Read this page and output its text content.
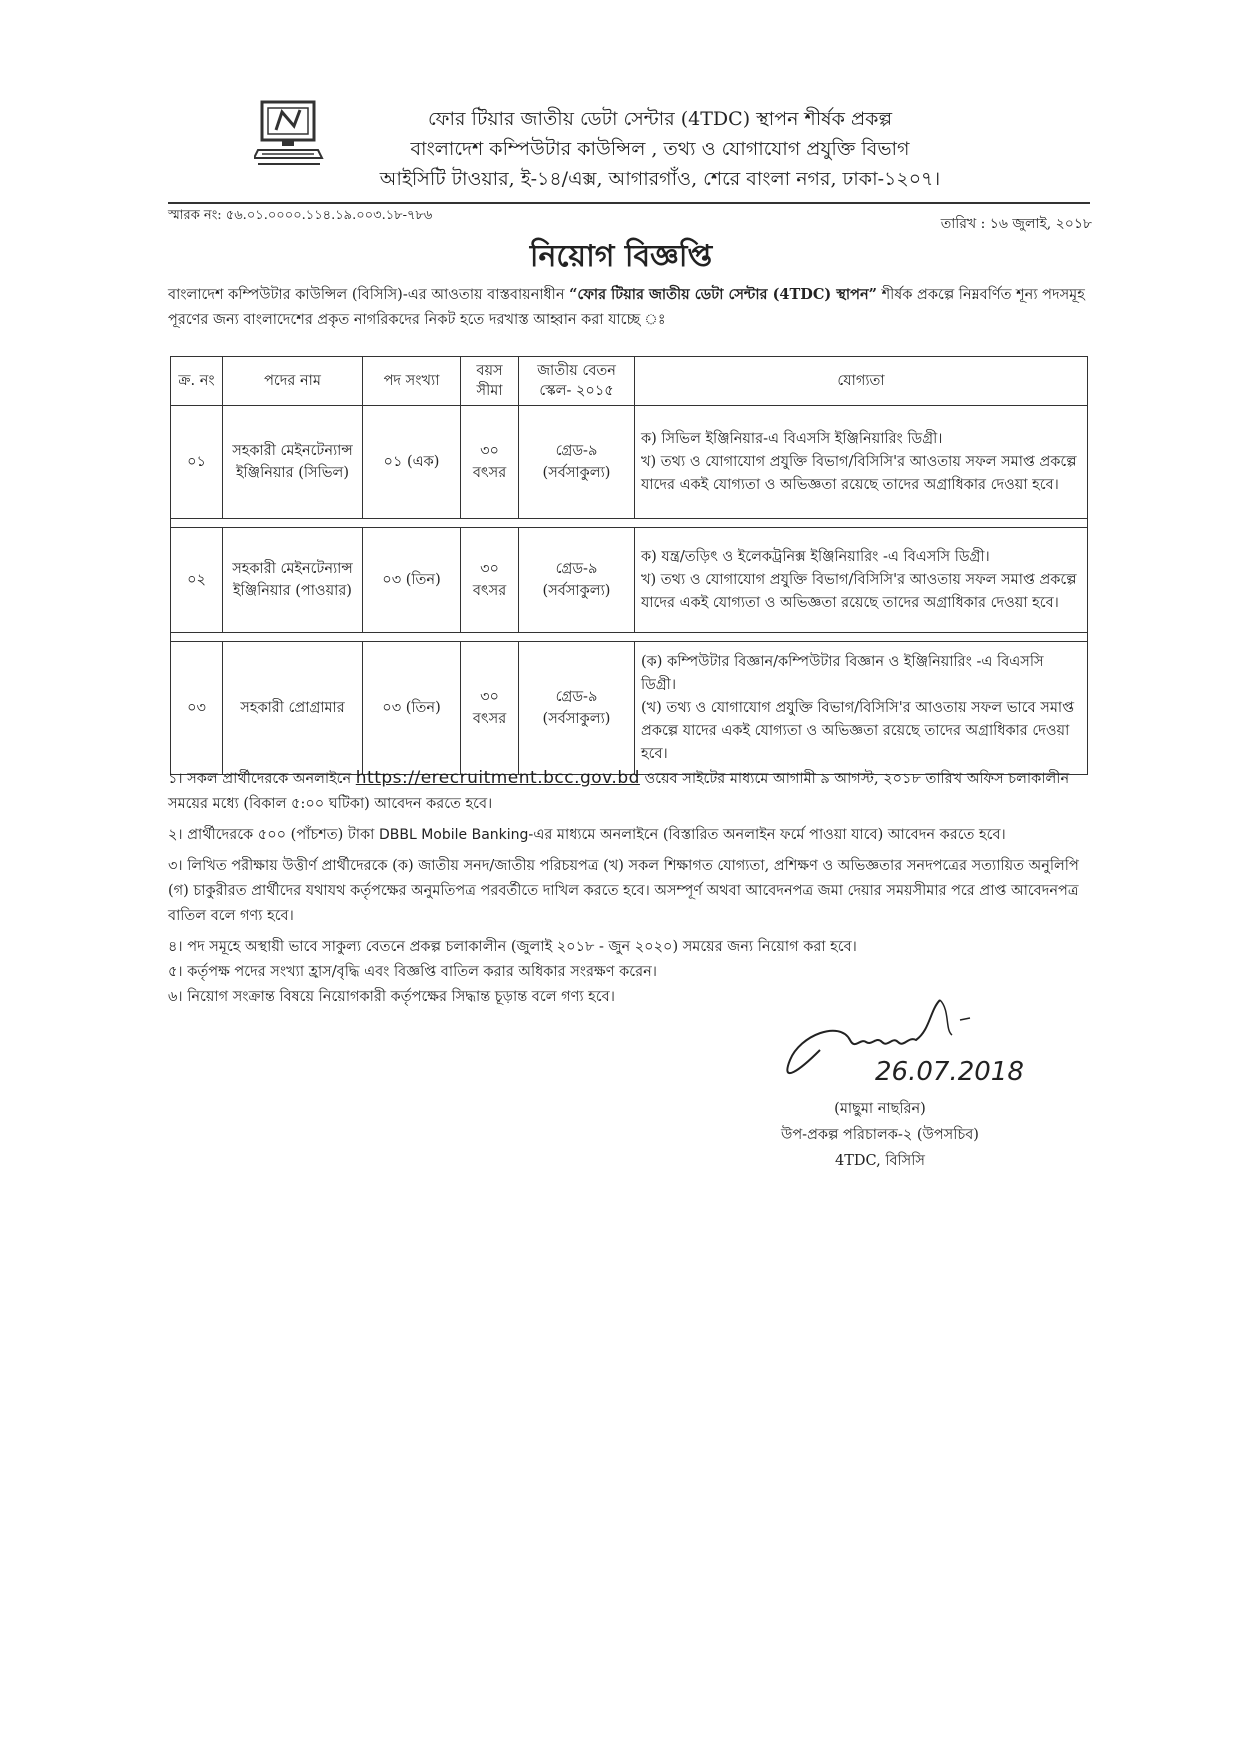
ফোর টিয়ার জাতীয় ডেটা সেন্টার (4TDC) স্থাপন শীর্ষক প্রকল্প
বাংলাদেশ কম্পিউটার কাউন্সিল , তথ্য ও যোগাযোগ প্রযুক্তি বিভাগ
আইসিটি টাওয়ার, ই-১৪/এক্স, আগারগাঁও, শেরে বাংলা নগর, ঢাকা-১২০৭।
স্মারক নং: ৫৬.০১.০০০০.১১৪.১৯.০০৩.১৮-৭৮৬
তারিখ : ১৬ জুলাই, ২০১৮
নিয়োগ বিজ্ঞপ্তি
বাংলাদেশ কম্পিউটার কাউন্সিল (বিসিসি)-এর আওতায় বাস্তবায়নাধীন “ফোর টিয়ার জাতীয় ডেটা সেন্টার (4TDC) স্থাপন” শীর্ষক প্রকল্পে নিম্নবর্ণিত শূন্য পদসমূহ পূরণের জন্য বাংলাদেশের প্রকৃত নাগরিকদের নিকট হতে দরখাস্ত আহ্বান করা যাচ্ছে ঃ
ক্র. নং	পদের নাম	পদ সংখ্যা	বয়স সীমা	জাতীয় বেতন স্কেল- ২০১৫	যোগ্যতা
০১	সহকারী মেইনটেন্যান্স ইঞ্জিনিয়ার (সিভিল)	০১ (এক)	৩০ বৎসর	গ্রেড-৯ (সর্বসাকুল্য)	ক) সিভিল ইঞ্জিনিয়ার-এ বিএসসি ইঞ্জিনিয়ারিং ডিগ্রী।
খ) তথ্য ও যোগাযোগ প্রযুক্তি বিভাগ/বিসিসি'র আওতায় সফল সমাপ্ত প্রকল্পে যাদের একই যোগ্যতা ও অভিজ্ঞতা রয়েছে তাদের অগ্রাধিকার দেওয়া হবে।

০২	সহকারী মেইনটেন্যান্স ইঞ্জিনিয়ার (পাওয়ার)	০৩ (তিন)	৩০ বৎসর	গ্রেড-৯ (সর্বসাকুল্য)	ক) যন্ত্র/তড়িৎ ও ইলেকট্রনিক্স ইঞ্জিনিয়ারিং -এ বিএসসি ডিগ্রী।
খ) তথ্য ও যোগাযোগ প্রযুক্তি বিভাগ/বিসিসি'র আওতায় সফল সমাপ্ত প্রকল্পে যাদের একই যোগ্যতা ও অভিজ্ঞতা রয়েছে তাদের অগ্রাধিকার দেওয়া হবে।

০৩	সহকারী প্রোগ্রামার	০৩ (তিন)	৩০ বৎসর	গ্রেড-৯ (সর্বসাকুল্য)	(ক) কম্পিউটার বিজ্ঞান/কম্পিউটার বিজ্ঞান ও ইঞ্জিনিয়ারিং -এ বিএসসি ডিগ্রী।
(খ) তথ্য ও যোগাযোগ প্রযুক্তি বিভাগ/বিসিসি'র আওতায় সফল ভাবে সমাপ্ত প্রকল্পে যাদের একই যোগ্যতা ও অভিজ্ঞতা রয়েছে তাদের অগ্রাধিকার দেওয়া হবে।

১। সকল প্রার্থীদেরকে অনলাইনে https://erecruitment.bcc.gov.bd ওয়েব সাইটের মাধ্যমে আগামী ৯ আগস্ট, ২০১৮ তারিখ অফিস চলাকালীন সময়ের মধ্যে (বিকাল ৫:০০ ঘটিকা) আবেদন করতে হবে।

২। প্রার্থীদেরকে ৫০০ (পাঁচশত) টাকা DBBL Mobile Banking-এর মাধ্যমে অনলাইনে (বিস্তারিত অনলাইন ফর্মে পাওয়া যাবে) আবেদন করতে হবে।

৩। লিখিত পরীক্ষায় উত্তীর্ণ প্রার্থীদেরকে (ক) জাতীয় সনদ/জাতীয় পরিচয়পত্র (খ) সকল শিক্ষাগত যোগ্যতা, প্রশিক্ষণ ও অভিজ্ঞতার সনদপত্রের সত্যায়িত অনুলিপি (গ) চাকুরীরত প্রার্থীদের যথাযথ কর্তৃপক্ষের অনুমতিপত্র পরবর্তীতে দাখিল করতে হবে। অসম্পূর্ণ অথবা আবেদনপত্র জমা দেয়ার সময়সীমার পরে প্রাপ্ত আবেদনপত্র বাতিল বলে গণ্য হবে।

৪। পদ সমূহে অস্থায়ী ভাবে সাকুল্য বেতনে প্রকল্প চলাকালীন (জুলাই ২০১৮ - জুন ২০২০) সময়ের জন্য নিয়োগ করা হবে।

৫। কর্তৃপক্ষ পদের সংখ্যা হ্রাস/বৃদ্ধি এবং বিজ্ঞপ্তি বাতিল করার অধিকার সংরক্ষণ করেন।

৬। নিয়োগ সংক্রান্ত বিষয়ে নিয়োগকারী কর্তৃপক্ষের সিদ্ধান্ত চূড়ান্ত বলে গণ্য হবে।

26.07.2018
(মাছুমা নাছরিন)
উপ-প্রকল্প পরিচালক-২ (উপসচিব)
4TDC, বিসিসি
